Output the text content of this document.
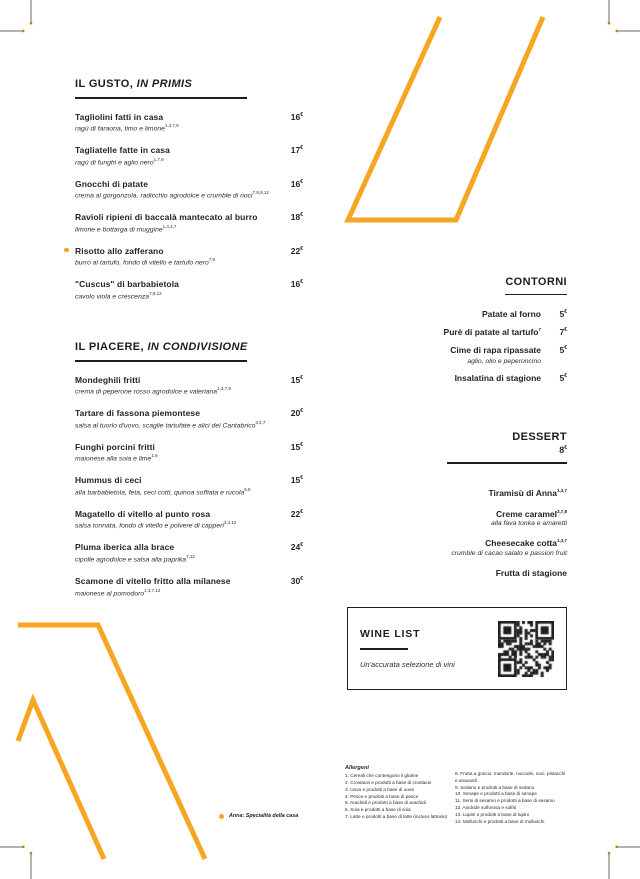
IL GUSTO, IN PRIMIS
Tagliolini fatti in casa	16€
ragù di faraona, timo e limone$^{1,3,7,9}$
Tagliatelle fatte in casa	17€
ragù di funghi e aglio nero$^{1,7,9}$
Gnocchi di patate	16€
crema al gorgonzola, radicchio agrodolce e crumble di noci$^{7,8,9,12}$
Ravioli ripieni di baccalà mantecato al burro	18€
limone e bottarga di muggine$^{1,3,4,7}$
Risotto allo zafferano	22€
burro al tartufo, fondo di vitello e tartufo nero$^{7,9}$
"Cuscus" di barbabietola	16€
cavolo viola e crescenza$^{7,9,12}$
IL PIACERE, IN CONDIVISIONE
Mondeghili fritti	15€
crema di peperone rosso agrodolce e valeriana$^{1,3,7,9}$
Tartare di fassona piemontese	20€
salsa al tuorlo d'uovo, scaglie tartufate e alici del Cantabrico$^{3,4,7}$
Funghi porcini fritti	15€
maionese alla soia e lime$^{1,6}$
Hummus di ceci	15€
alla barbabietola, feta, ceci cotti, quinoa soffiata e rucola$^{6,8}$
Magatello di vitello al punto rosa	22€
salsa tonnata, fondo di vitello e polvere di capperi$^{3,4,12}$
Pluma iberica alla brace	24€
cipolle agrodolce e salsa alla paprika$^{7,12}$
Scamone di vitello fritto alla milanese	30€
maionese al pomodoro$^{1,3,7,12}$
CONTORNI
Patate al forno	5€
Purè di patate al tartufo$^7$	7€
Cime di rapa ripassate	5€
aglio, olio e peperoncino
Insalatina di stagione	5€
DESSERT
8€
Tiramisù di Anna$^{1,3,7}$
Creme caramel$^{3,7,8}$
alla fava tonka e amaretti
Cheesecake cotta$^{1,3,7}$
crumble di cacao salato e passion fruit
Frutta di stagione
WINE LIST
Un'accurata selezione di vini
Anna: Specialità della casa
Allergeni
1. Cereali che contengono il glutine
2. Crostacei e prodotti a base di crostacei
3. Uova e prodotti a base di uova
4. Pesce e prodotti a base di pesce
5. Arachidi e prodotti a base di arachidi
6. Soia e prodotti a base di soia
7. Latte e prodotti a base di latte (incluso lattosio)
8. Frutta a guscio: mandorle, nocciole, noci, pistacchi e anacardi
9. Sedano e prodotti a base di sedano
10. Senape e prodotti a base di senape
11. Semi di sesamo e prodotti a base di sesamo
12. Anidride solforosa e solfiti
13. Lupini e prodotti a base di lupini
14. Molluschi e prodotti a base di molluschi
